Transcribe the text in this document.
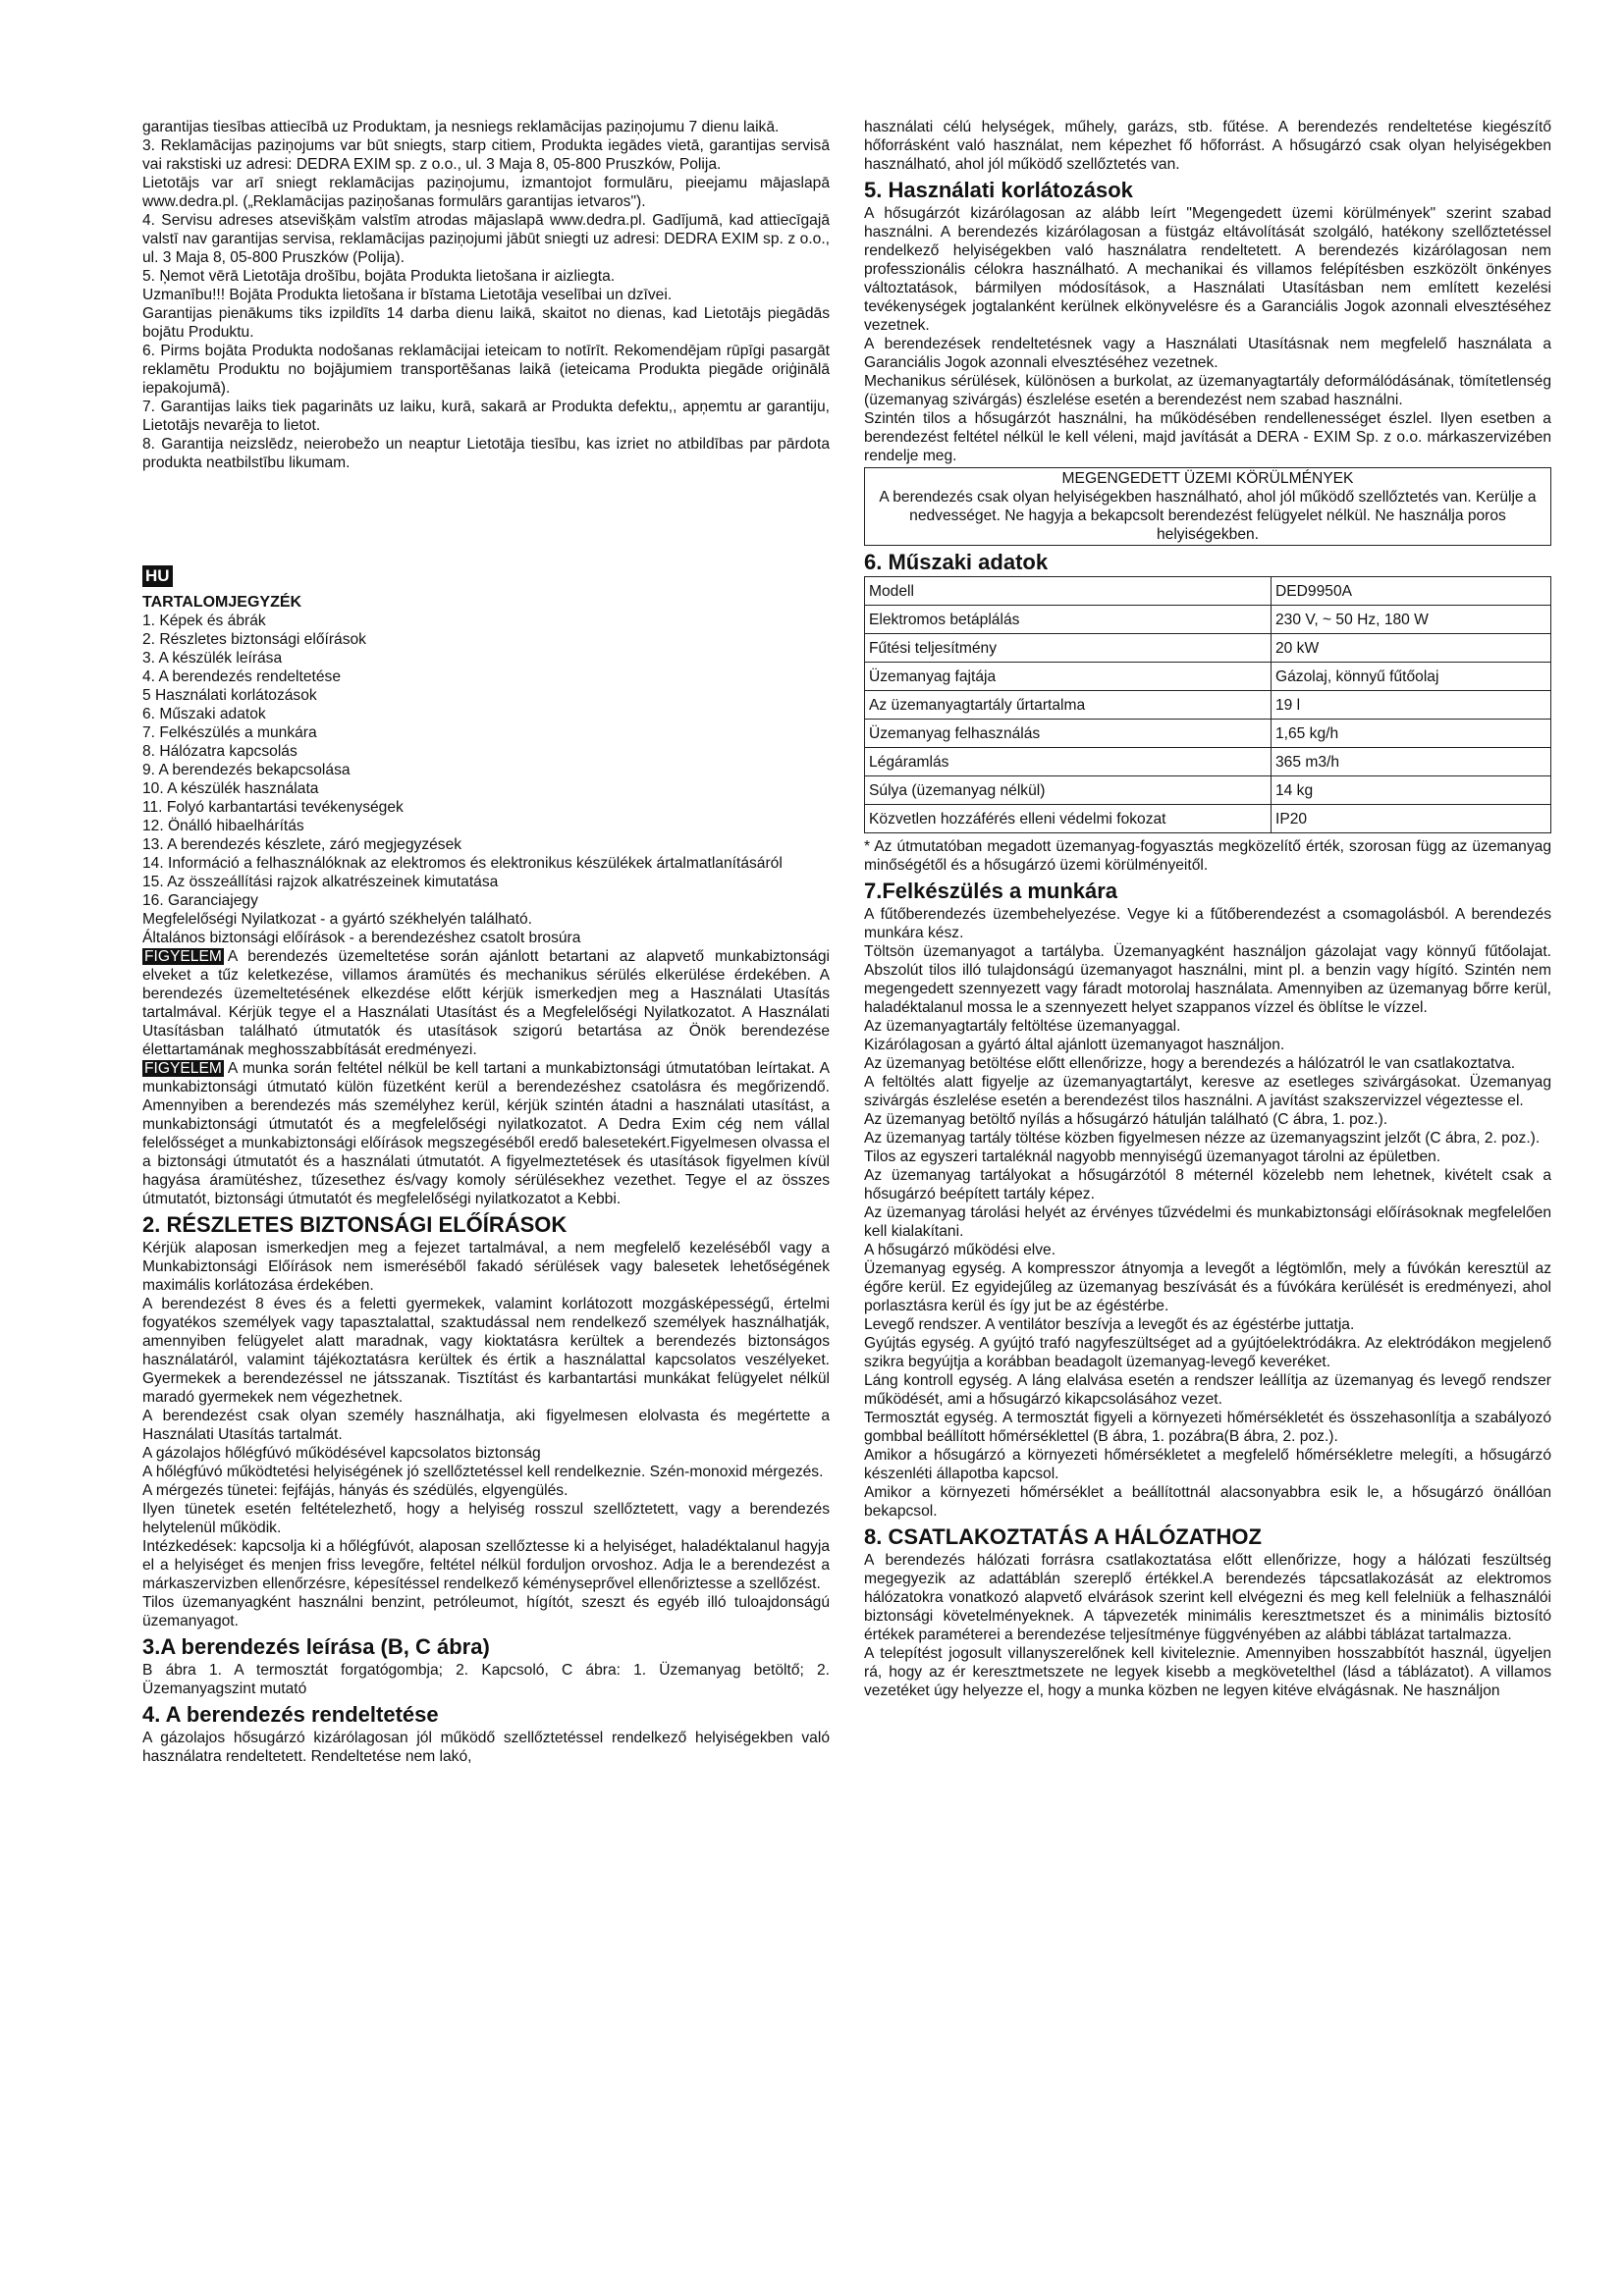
garantijas tiesības attiecībā uz Produktam, ja nesniegs reklamācijas paziņojumu 7 dienu laikā.

3. Reklamācijas paziņojums var būt sniegts, starp citiem, Produkta iegādes vietā, garantijas servisā vai rakstiski uz adresi: DEDRA EXIM sp. z o.o., ul. 3 Maja 8, 05-800 Pruszków, Polija.

Lietotājs var arī sniegt reklamācijas paziņojumu, izmantojot formulāru, pieejamu mājaslapā www.dedra.pl. („Reklamācijas paziņošanas formulārs garantijas ietvaros").

4. Servisu adreses atsevišķām valstīm atrodas mājaslapā www.dedra.pl. Gadījumā, kad attiecīgajā valstī nav garantijas servisa, reklamācijas paziņojumi jābūt sniegti uz adresi: DEDRA EXIM sp. z o.o., ul. 3 Maja 8, 05-800 Pruszków (Polija).

5. Ņemot vērā Lietotāja drošību, bojāta Produkta lietošana ir aizliegta.

Uzmanību!!! Bojāta Produkta lietošana ir bīstama Lietotāja veselībai un dzīvei.

Garantijas pienākums tiks izpildīts 14 darba dienu laikā, skaitot no dienas, kad Lietotājs piegādās bojātu Produktu.

6. Pirms bojāta Produkta nodošanas reklamācijai ieteicam to notīrīt. Rekomendējam rūpīgi pasargāt reklamētu Produktu no bojājumiem transportēšanas laikā (ieteicama Produkta piegāde oriģinālā iepakojumā).

7. Garantijas laiks tiek pagarināts uz laiku, kurā, sakarā ar Produkta defektu,, apņemtu ar garantiju, Lietotājs nevarēja to lietot.

8. Garantija neizslēdz, neierobežo un neaptur Lietotāja tiesību, kas izriet no atbildības par pārdota produkta neatbilstību likumam.

HU
TARTALOMJEGYZÉK

1. Képek és ábrák

2. Részletes biztonsági előírások

3. A készülék leírása

4. A berendezés rendeltetése

5 Használati korlátozások

6. Műszaki adatok

7. Felkészülés a munkára

8. Hálózatra kapcsolás

9. A berendezés bekapcsolása

10. A készülék használata

11. Folyó karbantartási tevékenységek

12. Önálló hibaelhárítás

13. A berendezés készlete, záró megjegyzések

14. Információ a felhasználóknak az elektromos és elektronikus készülékek ártalmatlanításáról

15. Az összeállítási rajzok alkatrészeinek kimutatása

16. Garanciajegy

Megfelelőségi Nyilatkozat - a gyártó székhelyén található.

Általános biztonsági előírások - a berendezéshez csatolt brosúra

FIGYELEM A berendezés üzemeltetése során ajánlott betartani az alapvető munkabiztonsági elveket a tűz keletkezése, villamos áramütés és mechanikus sérülés elkerülése érdekében. A berendezés üzemeltetésének elkezdése előtt kérjük ismerkedjen meg a Használati Utasítás tartalmával. Kérjük tegye el a Használati Utasítást és a Megfelelőségi Nyilatkozatot. A Használati Utasításban található útmutatók és utasítások szigorú betartása az Önök berendezése élettartamának meghosszabbítását eredményezi.

FIGYELEM A munka során feltétel nélkül be kell tartani a munkabiztonsági útmutatóban leírtakat. A munkabiztonsági útmutató külön füzetként kerül a berendezéshez csatolásra és megőrizendő. Amennyiben a berendezés más személyhez kerül, kérjük szintén átadni a használati utasítást, a munkabiztonsági útmutatót és a megfelelőségi nyilatkozatot. A Dedra Exim cég nem vállal felelősséget a munkabiztonsági előírások megszegéséből eredő balesetekért.Figyelmesen olvassa el a biztonsági útmutatót és a használati útmutatót. A figyelmeztetések és utasítások figyelmen kívül hagyása áramütéshez, tűzesethez és/vagy komoly sérülésekhez vezethet. Tegye el az összes útmutatót, biztonsági útmutatót és megfelelőségi nyilatkozatot a Kebbi.

2. RÉSZLETES BIZTONSÁGI ELŐÍRÁSOK

Kérjük alaposan ismerkedjen meg a fejezet tartalmával, a nem megfelelő kezeléséből vagy a Munkabiztonsági Előírások nem ismeréséből fakadó sérülések vagy balesetek lehetőségének maximális korlátozása érdekében.

A berendezést 8 éves és a feletti gyermekek, valamint korlátozott mozgásképességű, értelmi fogyatékos személyek vagy tapasztalattal, szaktudással nem rendelkező személyek használhatják, amennyiben felügyelet alatt maradnak, vagy kioktatásra kerültek a berendezés biztonságos használatáról, valamint tájékoztatásra kerültek és értik a használattal kapcsolatos veszélyeket. Gyermekek a berendezéssel ne játsszanak. Tisztítást és karbantartási munkákat felügyelet nélkül maradó gyermekek nem végezhetnek.

A berendezést csak olyan személy használhatja, aki figyelmesen elolvasta és megértette a Használati Utasítás tartalmát.

A gázolajos hőlégfúvó működésével kapcsolatos biztonság

A hőlégfúvó működtetési helyiségének jó szellőztetéssel kell rendelkeznie. Szén-monoxid mérgezés.

A mérgezés tünetei: fejfájás, hányás és szédülés, elgyengülés.

Ilyen tünetek esetén feltételezhető, hogy a helyiség rosszul szellőztetett, vagy a berendezés helytelenül működik.

Intézkedések: kapcsolja ki a hőlégfúvót, alaposan szellőztesse ki a helyiséget, haladéktalanul hagyja el a helyiséget és menjen friss levegőre, feltétel nélkül forduljon orvoshoz. Adja le a berendezést a márkaszervizben ellenőrzésre, képesítéssel rendelkező kéményseprővel ellenőriztesse a szellőzést.

Tilos üzemanyagként használni benzint, petróleumot, hígítót, szeszt és egyéb illó tuloajdonságú üzemanyagot.

3.A berendezés leírása (B, C ábra)

B ábra 1. A termosztát forgatógombja; 2. Kapcsoló, C ábra: 1. Üzemanyag betöltő; 2. Üzemanyagszint mutató

4. A berendezés rendeltetése

A gázolajos hősugárzó kizárólagosan jól működő szellőztetéssel rendelkező helyiségekben való használatra rendeltetett. Rendeltetése nem lakó,

használati célú helységek, műhely, garázs, stb. fűtése. A berendezés rendeltetése kiegészítő hőforrásként való használat, nem képezhet fő hőforrást. A hősugárzó csak olyan helyiségekben használható, ahol jól működő szellőztetés van.

5. Használati korlátozások

A hősugárzót kizárólagosan az alább leírt "Megengedett üzemi körülmények" szerint szabad használni. A berendezés kizárólagosan a füstgáz eltávolítását szolgáló, hatékony szellőztetéssel rendelkező helyiségekben való használatra rendeltetett. A berendezés kizárólagosan nem professzionális célokra használható. A mechanikai és villamos felépítésben eszközölt önkényes változtatások, bármilyen módosítások, a Használati Utasításban nem említett kezelési tevékenységek jogtalanként kerülnek elkönyvelésre és a Garanciális Jogok azonnali elvesztéséhez vezetnek.

A berendezések rendeltetésnek vagy a Használati Utasításnak nem megfelelő használata a Garanciális Jogok azonnali elvesztéséhez vezetnek.

Mechanikus sérülések, különösen a burkolat, az üzemanyagtartály deformálódásának, tömítetlenség (üzemanyag szivárgás) észlelése esetén a berendezést nem szabad használni.

Szintén tilos a hősugárzót használni, ha működésében rendellenességet észlel. Ilyen esetben a berendezést feltétel nélkül le kell véleni, majd javítását a DERA - EXIM Sp. z o.o. márkaszervizében rendelje meg.

MEGENGEDETT ÜZEMI KÖRÜLMÉNYEK

A berendezés csak olyan helyiségekben használható, ahol jól működő szellőztetés van. Kerülje a nedvességet. Ne hagyja a bekapcsolt berendezést felügyelet nélkül. Ne használja poros helyiségekben.

6. Műszaki adatok
Modell	DED9950A
Elektromos betáplálás	230 V, ~ 50 Hz, 180 W
Fűtési teljesítmény	20 kW
Üzemanyag fajtája	Gázolaj, könnyű fűtőolaj
Az üzemanyagtartály űrtartalma	19 l
Üzemanyag felhasználás	1,65 kg/h
Légáramlás	365 m3/h
Súlya (üzemanyag nélkül)	14 kg
Közvetlen hozzáférés elleni védelmi fokozat	IP20

* Az útmutatóban megadott üzemanyag-fogyasztás megközelítő érték, szorosan függ az üzemanyag minőségétől és a hősugárzó üzemi körülményeitől.

7.Felkészülés a munkára

A fűtőberendezés üzembehelyezése. Vegye ki a fűtőberendezést a csomagolásból. A berendezés munkára kész.

Töltsön üzemanyagot a tartályba. Üzemanyagként használjon gázolajat vagy könnyű fűtőolajat. Abszolút tilos illó tulajdonságú üzemanyagot használni, mint pl. a benzin vagy hígító. Szintén nem megengedett szennyezett vagy fáradt motorolaj használata. Amennyiben az üzemanyag bőrre kerül, haladéktalanul mossa le a szennyezett helyet szappanos vízzel és öblítse le vízzel.

Az üzemanyagtartály feltöltése üzemanyaggal.

Kizárólagosan a gyártó által ajánlott üzemanyagot használjon.

Az üzemanyag betöltése előtt ellenőrizze, hogy a berendezés a hálózatról le van csatlakoztatva.

A feltöltés alatt figyelje az üzemanyagtartályt, keresve az esetleges szivárgásokat. Üzemanyag szivárgás észlelése esetén a berendezést tilos használni. A javítást szakszervizzel végeztesse el.

Az üzemanyag betöltő nyílás a hősugárzó hátulján található (C ábra, 1. poz.).

Az üzemanyag tartály töltése közben figyelmesen nézze az üzemanyagszint jelzőt (C ábra, 2. poz.).

Tilos az egyszeri tartaléknál nagyobb mennyiségű üzemanyagot tárolni az épületben.

Az üzemanyag tartályokat a hősugárzótól 8 méternél közelebb nem lehetnek, kivételt csak a hősugárzó beépített tartály képez.

Az üzemanyag tárolási helyét az érvényes tűzvédelmi és munkabiztonsági előírásoknak megfelelően kell kialakítani.

A hősugárzó működési elve.

Üzemanyag egység. A kompresszor átnyomja a levegőt a légtömlőn, mely a fúvókán keresztül az égőre kerül. Ez egyidejűleg az üzemanyag beszívását és a fúvókára kerülését is eredményezi, ahol porlasztásra kerül és így jut be az égéstérbe.

Levegő rendszer. A ventilátor beszívja a levegőt és az égéstérbe juttatja.

Gyújtás egység. A gyújtó trafó nagyfeszültséget ad a gyújtóelektródákra. Az elektródákon megjelenő szikra begyújtja a korábban beadagolt üzemanyag-levegő keveréket.

Láng kontroll egység. A láng elalvása esetén a rendszer leállítja az üzemanyag és levegő rendszer működését, ami a hősugárzó kikapcsolásához vezet.

Termosztát egység. A termosztát figyeli a környezeti hőmérsékletét és összehasonlítja a szabályozó gombbal beállított hőmérséklettel (B ábra, 1. pozábra(B ábra, 2. poz.).

Amikor a hősugárzó a környezeti hőmérsékletet a megfelelő hőmérsékletre melegíti, a hősugárzó készenléti állapotba kapcsol.

Amikor a környezeti hőmérséklet a beállítottnál alacsonyabbra esik le, a hősugárzó önállóan bekapcsol.

8. CSATLAKOZTATÁS A HÁLÓZATHOZ

A berendezés hálózati forrásra csatlakoztatása előtt ellenőrizze, hogy a hálózati feszültség megegyezik az adattáblán szereplő értékkel.A berendezés tápcsatlakozását az elektromos hálózatokra vonatkozó alapvető elvárások szerint kell elvégezni és meg kell felelniük a felhasználói biztonsági követelményeknek. A tápvezeték minimális keresztmetszet és a minimális biztosító értékek paraméterei a berendezése teljesítménye függvényében az alábbi táblázat tartalmazza.

A telepítést jogosult villanyszerelőnek kell kiviteleznie. Amennyiben hosszabbítót használ, ügyeljen rá, hogy az ér keresztmetszete ne legyek kisebb a megkövetelthel (lásd a táblázatot). A villamos vezetéket úgy helyezze el, hogy a munka közben ne legyen kitéve elvágásnak. Ne használjon
